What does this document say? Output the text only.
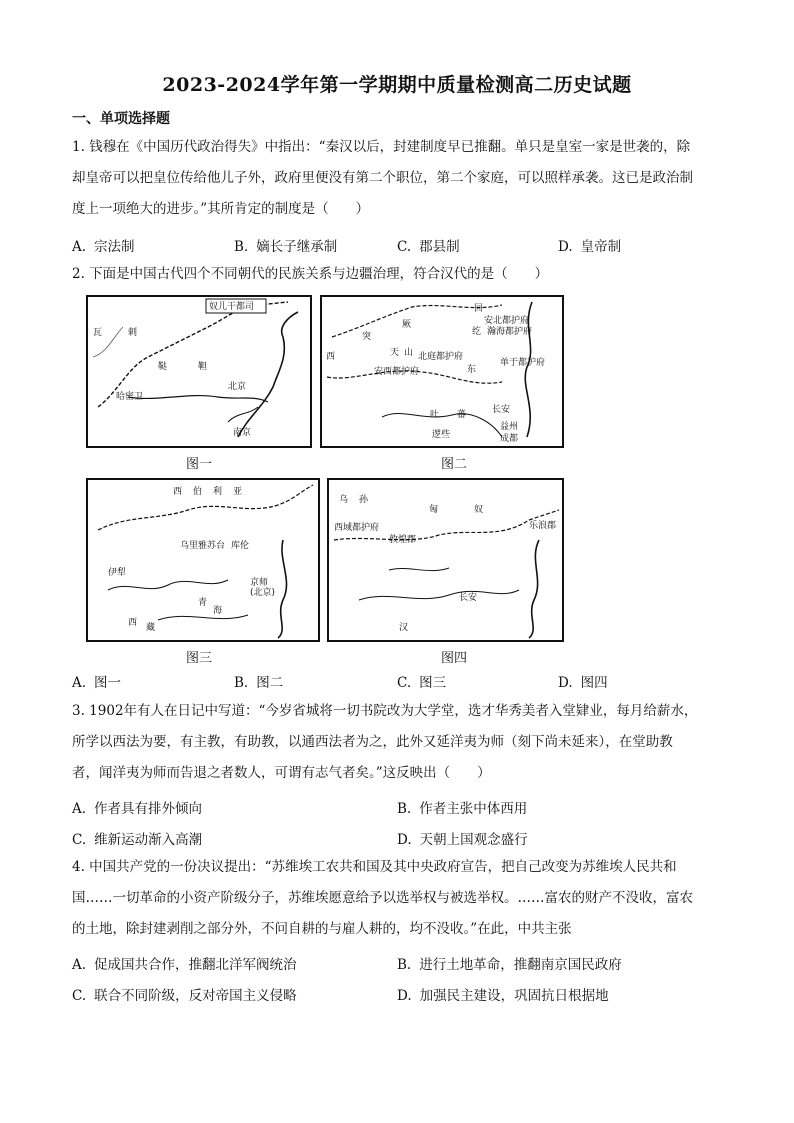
2023-2024学年第一学期期中质量检测高二历史试题
一、单项选择题
1. 钱穆在《中国历代政治得失》中指出：“秦汉以后，封建制度早已推翻。单只是皇室一家是世袭的，除
却皇帝可以把皇位传给他儿子外，政府里便没有第二个职位，第二个家庭，可以照样承袭。这已是政治制
度上一项绝大的进步。”其所肯定的制度是（　　）
A. 宗法制	B. 嫡长子继承制	C. 郡县制	D. 皇帝制
2. 下面是中国古代四个不同朝代的民族关系与边疆治理，符合汉代的是（　　）
奴儿干都司
瓦	剌
鞑	靼
哈密卫
北京
南京
图一
回
安北都护府
瀚海都护府
纥
突
厥
天 山
西	北庭都护府
安西都护府	东
单于都护府
吐 蕃	长安
逻些
益州
成都
图二
西 伯 利 亚
乌里雅苏台 库伦
伊犁
京师
(北京)
西 藏
青
海
图三
乌 孙
匈	奴
西域都护府
敦煌郡
长安
乐浪郡
汉
图四
A. 图一	B. 图二	C. 图三	D. 图四
3. 1902年有人在日记中写道：“今岁省城将一切书院改为大学堂，选才华秀美者入堂肄业，每月给薪水，
所学以西法为要，有主教，有助教，以通西法者为之，此外又延洋夷为师（刻下尚未延来），在堂助教
者，闻洋夷为师而告退之者数人，可谓有志气者矣。”这反映出（　　）
A. 作者具有排外倾向	B. 作者主张中体西用
C. 维新运动渐入高潮	D. 天朝上国观念盛行
4. 中国共产党的一份决议提出：“苏维埃工农共和国及其中央政府宣告，把自己改变为苏维埃人民共和
国……一切革命的小资产阶级分子，苏维埃愿意给予以选举权与被选举权。……富农的财产不没收，富农
的土地，除封建剥削之部分外，不问自耕的与雇人耕的，均不没收。”在此，中共主张
A. 促成国共合作，推翻北洋军阀统治	B. 进行土地革命，推翻南京国民政府
C. 联合不同阶级，反对帝国主义侵略	D. 加强民主建设，巩固抗日根据地
